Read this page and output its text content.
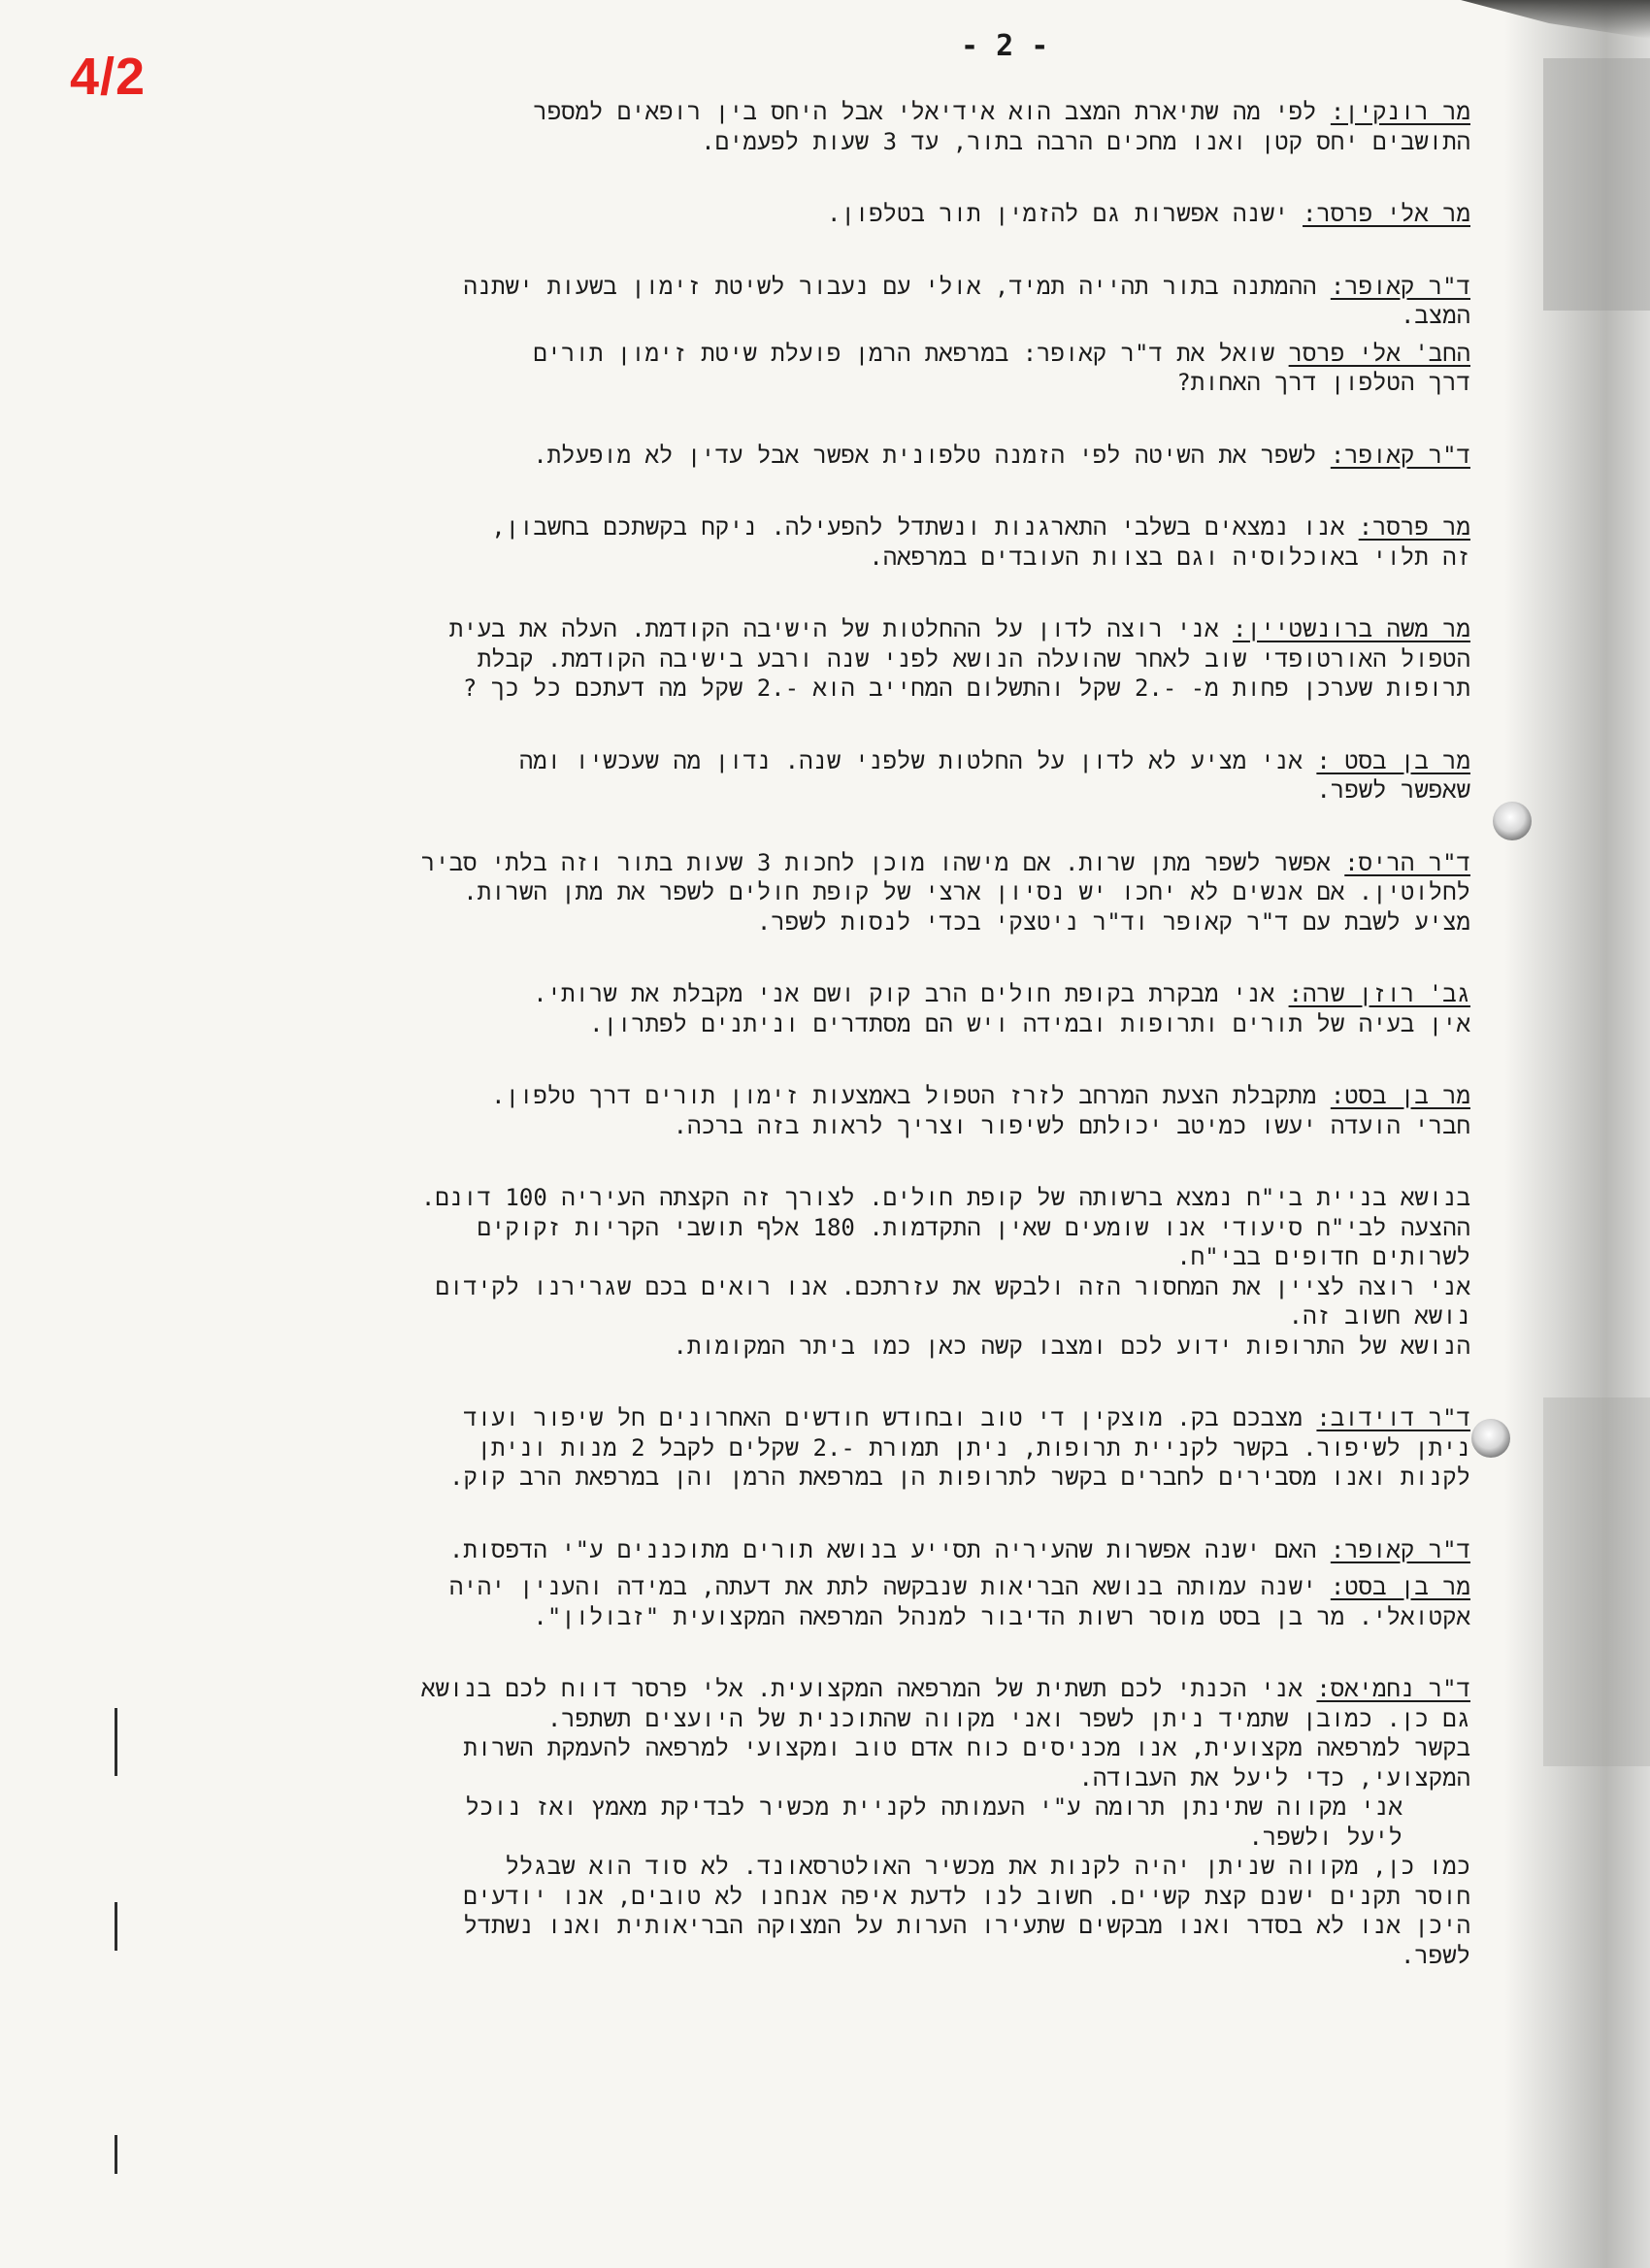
4/2
- 2 -
מר רונקין: לפי מה שתיארת המצב הוא אידיאלי אבל היחס בין רופאים למספר
התושבים יחס קטן ואנו מחכים הרבה בתור, עד 3 שעות לפעמים.
מר אלי פרסר: ישנה אפשרות גם להזמין תור בטלפון.
ד"ר קאופר: ההמתנה בתור תהייה תמיד, אולי עם נעבור לשיטת זימון בשעות ישתנה
המצב.
החב' אלי פרסר שואל את ד"ר קאופר: במרפאת הרמן פועלת שיטת זימון תורים
דרך הטלפון דרך האחות?
ד"ר קאופר: לשפר את השיטה לפי הזמנה טלפונית אפשר אבל עדין לא מופעלת.
מר פרסר: אנו נמצאים בשלבי התארגנות ונשתדל להפעילה. ניקח בקשתכם בחשבון,
זה תלוי באוכלוסיה וגם בצוות העובדים במרפאה.
מר משה ברונשטיין: אני רוצה לדון על ההחלטות של הישיבה הקודמת. העלה את בעית
הטפול האורטופדי שוב לאחר שהועלה הנושא לפני שנה ורבע בישיבה הקודמת. קבלת
תרופות שערכן פחות מ- -.2 שקל והתשלום המחייב הוא -.2 שקל מה דעתכם כל כך ?
מר בן בסט : אני מציע לא לדון על החלטות שלפני שנה. נדון מה שעכשיו ומה
שאפשר לשפר.
ד"ר הריס: אפשר לשפר מתן שרות. אם מישהו מוכן לחכות 3 שעות בתור וזה בלתי סביר
לחלוטין. אם אנשים לא יחכו יש נסיון ארצי של קופת חולים לשפר את מתן השרות.
מציע לשבת עם ד"ר קאופר וד"ר ניטצקי בכדי לנסות לשפר.
גב' רוזן שרה: אני מבקרת בקופת חולים הרב קוק ושם אני מקבלת את שרותי.
אין בעיה של תורים ותרופות ובמידה ויש הם מסתדרים וניתנים לפתרון.
מר בן בסט: מתקבלת הצעת המרחב לזרז הטפול באמצעות זימון תורים דרך טלפון.
חברי הועדה יעשו כמיטב יכולתם לשיפור וצריך לראות בזה ברכה.
בנושא בניית בי"ח נמצא ברשותה של קופת חולים. לצורך זה הקצתה העיריה 100 דונם.
ההצעה לבי"ח סיעודי אנו שומעים שאין התקדמות. 180 אלף תושבי הקריות זקוקים
לשרותים חדופים בבי"ח.
אני רוצה לציין את המחסור הזה ולבקש את עזרתכם. אנו רואים בכם שגרירנו לקידום
נושא חשוב זה.
הנושא של התרופות ידוע לכם ומצבו קשה כאן כמו ביתר המקומות.
ד"ר דוידוב: מצבכם בק. מוצקין די טוב ובחודש חודשים האחרונים חל שיפור ועוד
ניתן לשיפור. בקשר לקניית תרופות, ניתן תמורת -.2 שקלים לקבל 2 מנות וניתן
לקנות ואנו מסבירים לחברים בקשר לתרופות הן במרפאת הרמן והן במרפאת הרב קוק.
ד"ר קאופר: האם ישנה אפשרות שהעיריה תסייע בנושא תורים מתוכננים ע"י הדפסות.
מר בן בסט: ישנה עמותה בנושא הבריאות שנבקשה לתת את דעתה, במידה והענין יהיה
אקטואלי. מר בן בסט מוסר רשות הדיבור למנהל המרפאה המקצועית "זבולון".
ד"ר נחמיאס: אני הכנתי לכם תשתית של המרפאה המקצועית. אלי פרסר דווח לכם בנושא
גם כן. כמובן שתמיד ניתן לשפר ואני מקווה שהתוכנית של היועצים תשתפר.
בקשר למרפאה מקצועית, אנו מכניסים כוח אדם טוב ומקצועי למרפאה להעמקת השרות
המקצועי, כדי ליעל את העבודה.
אני מקווה שתינתן תרומה ע"י העמותה לקניית מכשיר לבדיקת מאמץ ואז נוכל
ליעל ולשפר.
כמו כן, מקווה שניתן יהיה לקנות את מכשיר האולטרסאונד. לא סוד הוא שבגלל
חוסר תקנים ישנם קצת קשיים. חשוב לנו לדעת איפה אנחנו לא טובים, אנו יודעים
היכן אנו לא בסדר ואנו מבקשים שתעירו הערות על המצוקה הבריאותית ואנו נשתדל
לשפר.
